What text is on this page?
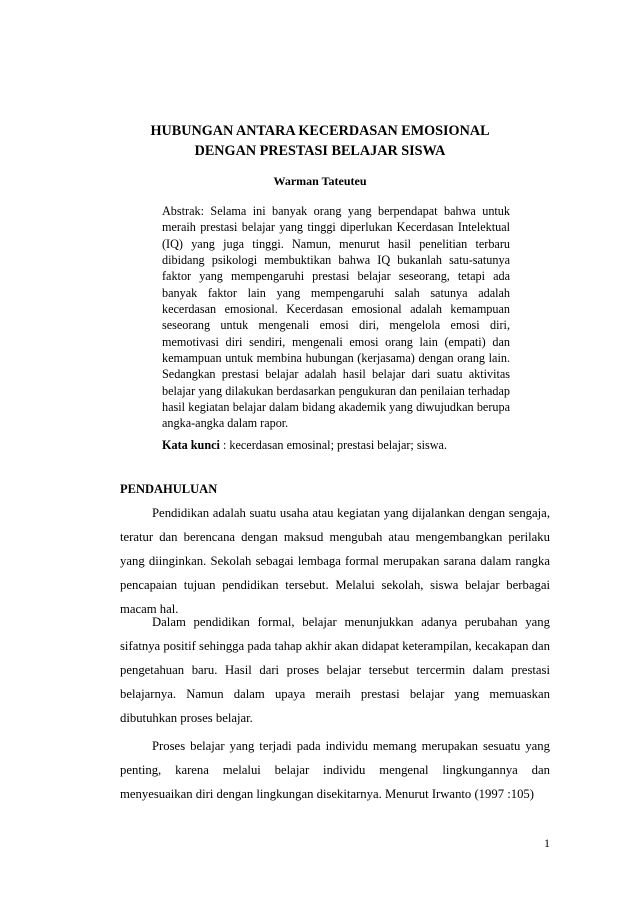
HUBUNGAN ANTARA KECERDASAN EMOSIONAL
DENGAN PRESTASI BELAJAR SISWA
Warman Tateuteu

Abstrak: Selama ini banyak orang yang berpendapat bahwa untuk meraih prestasi belajar yang tinggi diperlukan Kecerdasan Intelektual (IQ) yang juga tinggi. Namun, menurut hasil penelitian terbaru dibidang psikologi membuktikan bahwa IQ bukanlah satu-satunya faktor yang mempengaruhi prestasi belajar seseorang, tetapi ada banyak faktor lain yang mempengaruhi salah satunya adalah kecerdasan emosional. Kecerdasan emosional adalah kemampuan seseorang untuk mengenali emosi diri, mengelola emosi diri, memotivasi diri sendiri, mengenali emosi orang lain (empati) dan kemampuan untuk membina hubungan (kerjasama) dengan orang lain. Sedangkan prestasi belajar adalah hasil belajar dari suatu aktivitas belajar yang dilakukan berdasarkan pengukuran dan penilaian terhadap hasil kegiatan belajar dalam bidang akademik yang diwujudkan berupa angka-angka dalam rapor.

Kata kunci : kecerdasan emosinal; prestasi belajar; siswa.

PENDAHULUAN

Pendidikan adalah suatu usaha atau kegiatan yang dijalankan dengan sengaja, teratur dan berencana dengan maksud mengubah atau mengembangkan perilaku yang diinginkan. Sekolah sebagai lembaga formal merupakan sarana dalam rangka pencapaian tujuan pendidikan tersebut. Melalui sekolah, siswa belajar berbagai macam hal.

Dalam pendidikan formal, belajar menunjukkan adanya perubahan yang sifatnya positif sehingga pada tahap akhir akan didapat keterampilan, kecakapan dan pengetahuan baru. Hasil dari proses belajar tersebut tercermin dalam prestasi belajarnya. Namun dalam upaya meraih prestasi belajar yang memuaskan dibutuhkan proses belajar.

Proses belajar yang terjadi pada individu memang merupakan sesuatu yang penting, karena melalui belajar individu mengenal lingkungannya dan menyesuaikan diri dengan lingkungan disekitarnya. Menurut Irwanto (1997 :105)

1
